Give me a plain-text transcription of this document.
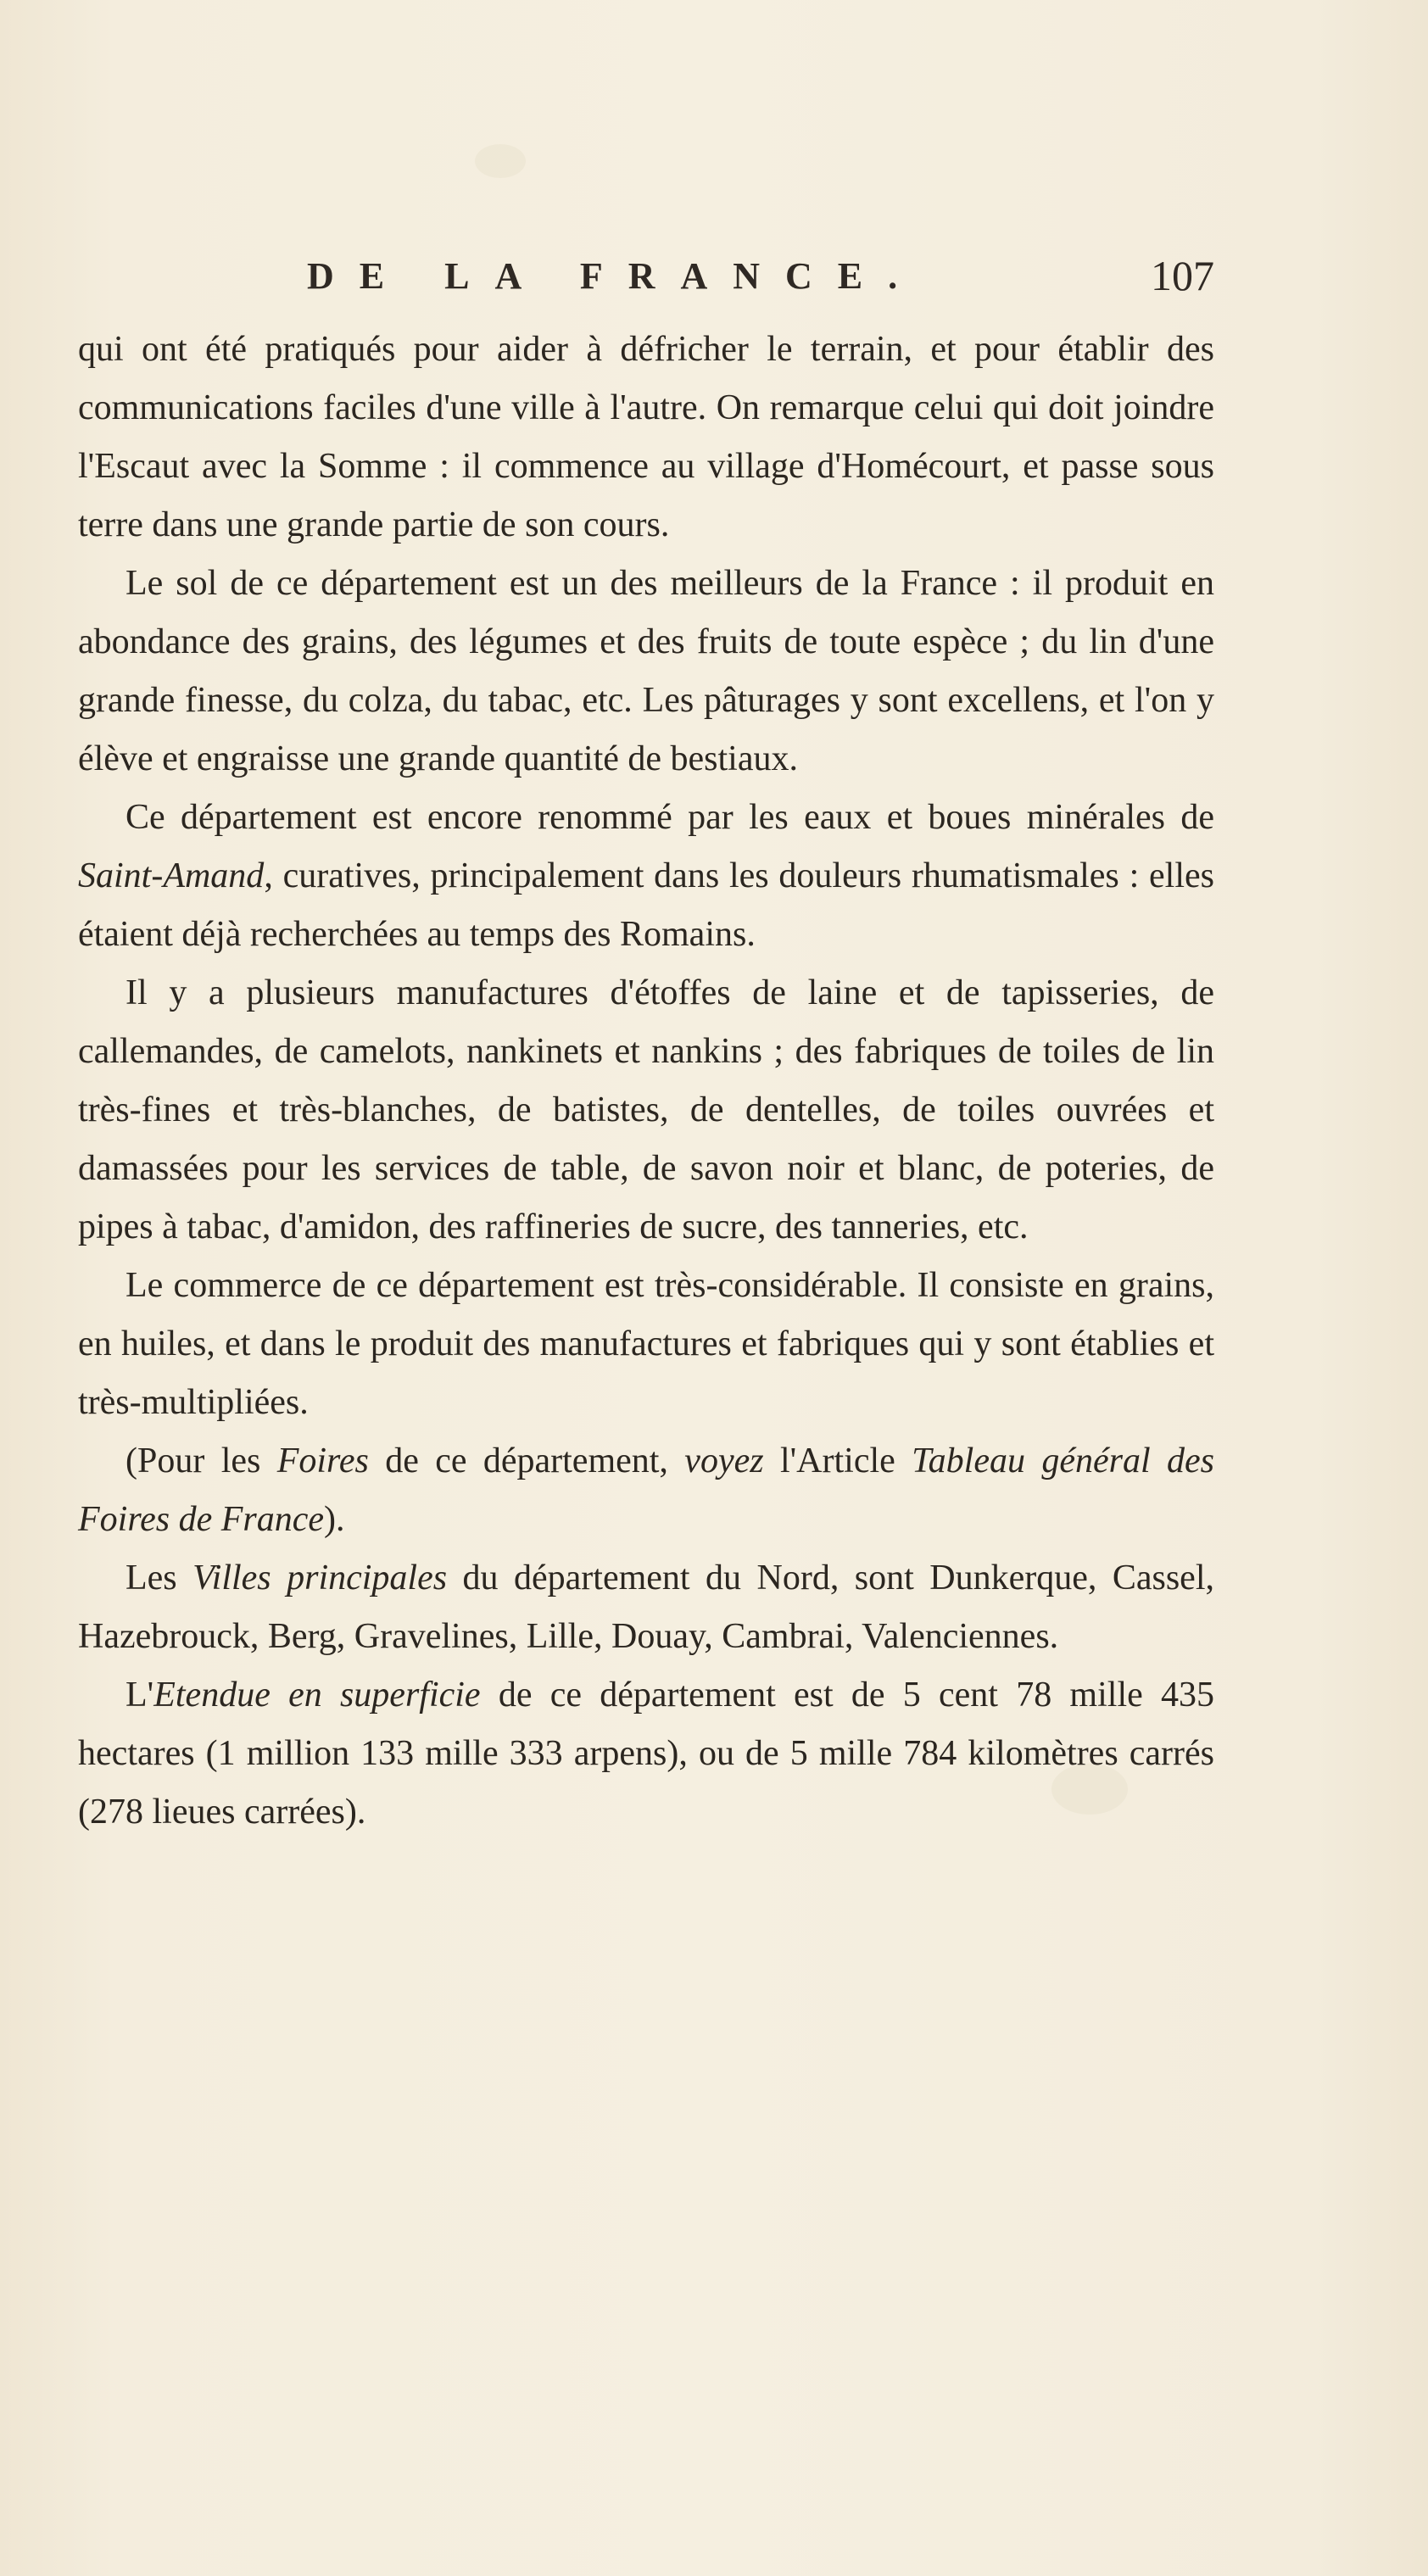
DE LA FRANCE.	107

qui ont été pratiqués pour aider à défricher le terrain, et pour établir des communications faciles d'une ville à l'autre. On remarque celui qui doit joindre l'Escaut avec la Somme : il commence au village d'Homécourt, et passe sous terre dans une grande partie de son cours.

Le sol de ce département est un des meilleurs de la France : il produit en abondance des grains, des légumes et des fruits de toute espèce ; du lin d'une grande finesse, du colza, du tabac, etc. Les pâturages y sont excellens, et l'on y élève et engraisse une grande quantité de bestiaux.

Ce département est encore renommé par les eaux et boues minérales de Saint-Amand, curatives, principalement dans les douleurs rhumatismales : elles étaient déjà recherchées au temps des Romains.

Il y a plusieurs manufactures d'étoffes de laine et de tapisseries, de callemandes, de camelots, nankinets et nankins ; des fabriques de toiles de lin très-fines et très-blanches, de batistes, de dentelles, de toiles ouvrées et damassées pour les services de table, de savon noir et blanc, de poteries, de pipes à tabac, d'amidon, des raffineries de sucre, des tanneries, etc.

Le commerce de ce département est très-considérable. Il consiste en grains, en huiles, et dans le produit des manufactures et fabriques qui y sont établies et très-multipliées.

(Pour les Foires de ce département, voyez l'Article Tableau général des Foires de France).

Les Villes principales du département du Nord, sont Dunkerque, Cassel, Hazebrouck, Berg, Gravelines, Lille, Douay, Cambrai, Valenciennes.

L'Etendue en superficie de ce département est de 5 cent 78 mille 435 hectares (1 million 133 mille 333 arpens), ou de 5 mille 784 kilomètres carrés (278 lieues carrées).
